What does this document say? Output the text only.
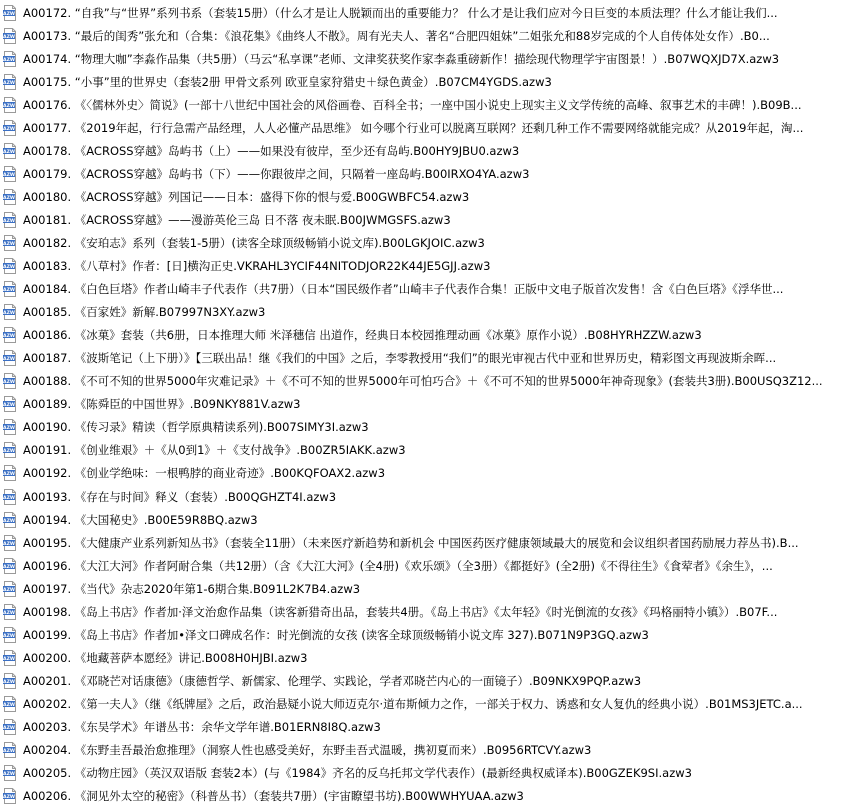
AZW A00172. “自我”与“世界”系列书系（套装15册）（什么才是让人脱颖而出的重要能力？ 什么才是让我们应对今日巨变的本质法理？什么才能让我们...
AZW A00173. “最后的闺秀”张允和（合集：《浪花集》《曲终人不散》。周有光夫人、著名“合肥四姐妹”二姐张允和88岁完成的个人自传体处女作）.B0...
AZW A00174. “物理大咖”李淼作品集（共5册）（马云“私享课”老师、文津奖获奖作家李淼重磅新作！描绘现代物理学宇宙图景！）.B07WQXJD7X.azw3
AZW A00175. “小事”里的世界史（套装2册 甲骨文系列 欧亚皇家狩猎史＋绿色黄金）.B07CM4YGDS.azw3
AZW A00176. 《〈儒林外史〉简说》(一部十八世纪中国社会的风俗画卷、百科全书；一座中国小说史上现实主义文学传统的高峰、叙事艺术的丰碑！).B09B...
AZW A00177. 《2019年起，行行急需产品经理，人人必懂产品思维》 如今哪个行业可以脱离互联网？还剩几种工作不需要网络就能完成？从2019年起，淘...
AZW A00178. 《ACROSS穿越》岛屿书（上）——如果没有彼岸，至少还有岛屿.B00HY9JBU0.azw3
AZW A00179. 《ACROSS穿越》岛屿书（下）——你跟彼岸之间，只隔着一座岛屿.B00IRXO4YA.azw3
AZW A00180. 《ACROSS穿越》列国记——日本：盛得下你的恨与爱.B00GWBFC54.azw3
AZW A00181. 《ACROSS穿越》——漫游英伦三岛 日不落 夜未眠.B00JWMGSFS.azw3
AZW A00182. 《安珀志》系列（套装1-5册）(读客全球顶级畅销小说文库).B00LGKJOIC.azw3
AZW A00183. 《八草村》作者：[日]横沟正史.VKRAHL3YCIF44NITODJOR22K44JE5GJJ.azw3
AZW A00184. 《白色巨塔》作者山崎丰子代表作（共7册）（日本“国民级作者”山崎丰子代表作合集！正版中文电子版首次发售！含《白色巨塔》《浮华世...
AZW A00185. 《百家姓》新解.B07997N3XY.azw3
AZW A00186. 《冰菓》套装（共6册，日本推理大师 米泽穗信 出道作，经典日本校园推理动画《冰菓》原作小说）.B08HYRHZZW.azw3
AZW A00187. 《波斯笔记（上下册）》【三联出品！继《我们的中国》之后，李零教授用“我们”的眼光审视古代中亚和世界历史，精彩图文再现波斯余晖...
AZW A00188. 《不可不知的世界5000年灾难记录》＋《不可不知的世界5000年可怕巧合》＋《不可不知的世界5000年神奇现象》(套装共3册).B00USQ3Z12...
AZW A00189. 《陈舜臣的中国世界》.B09NKY881V.azw3
AZW A00190. 《传习录》精读（哲学原典精读系列).B007SIMY3I.azw3
AZW A00191. 《创业维艰》＋《从0到1》＋《支付战争》.B00ZR5IAKK.azw3
AZW A00192. 《创业学绝味：一根鸭脖的商业奇迹》.B00KQFOAX2.azw3
AZW A00193. 《存在与时间》释义（套装）.B00QGHZT4I.azw3
AZW A00194. 《大国秘史》.B00E59R8BQ.azw3
AZW A00195. 《大健康产业系列新知丛书》（套装全11册）（未来医疗新趋势和新机会 中国医药医疗健康领域最大的展览和会议组织者国药励展力荐丛书).B...
AZW A00196. 《大江大河》作者阿耐合集（共12册）（含《大江大河》(全4册)《欢乐颂》（全3册）《都挺好》(全2册)《不得往生》《食荤者》《余生》，...
AZW A00197. 《当代》杂志2020年第1-6期合集.B091L2K7B4.azw3
AZW A00198. 《岛上书店》作者加·泽文治愈作品集（读客新猎奇出品，套装共4册。《岛上书店》《太年轻》《时光倒流的女孩》《玛格丽特小镇》）.B07F...
AZW A00199. 《岛上书店》作者加•泽文口碑成名作：时光倒流的女孩 (读客全球顶级畅销小说文库 327).B071N9P3GQ.azw3
AZW A00200. 《地藏菩萨本愿经》讲记.B008H0HJBI.azw3
AZW A00201. 《邓晓芒对话康德》（康德哲学、新儒家、伦理学、实践论，学者邓晓芒内心的一面镜子）.B09NKX9PQP.azw3
AZW A00202. 《第一夫人》（继《纸牌屋》之后，政治悬疑小说大师迈克尔·道布斯倾力之作，一部关于权力、诱惑和女人复仇的经典小说）.B01MS3JETC.a...
AZW A00203. 《东吴学术》年谱丛书：余华文学年谱.B01ERN8I8Q.azw3
AZW A00204. 《东野圭吾最治愈推理》（洞察人性也感受美好，东野圭吾式温暖，携初夏而来）.B0956RTCVY.azw3
AZW A00205. 《动物庄园》（英汉双语版 套装2本）(与《1984》齐名的反乌托邦文学代表作）(最新经典权威译本).B00GZEK9SI.azw3
AZW A00206. 《洞见外太空的秘密》（科普丛书）（套装共7册）(宇宙瞭望书坊).B00WWHYUAA.azw3
